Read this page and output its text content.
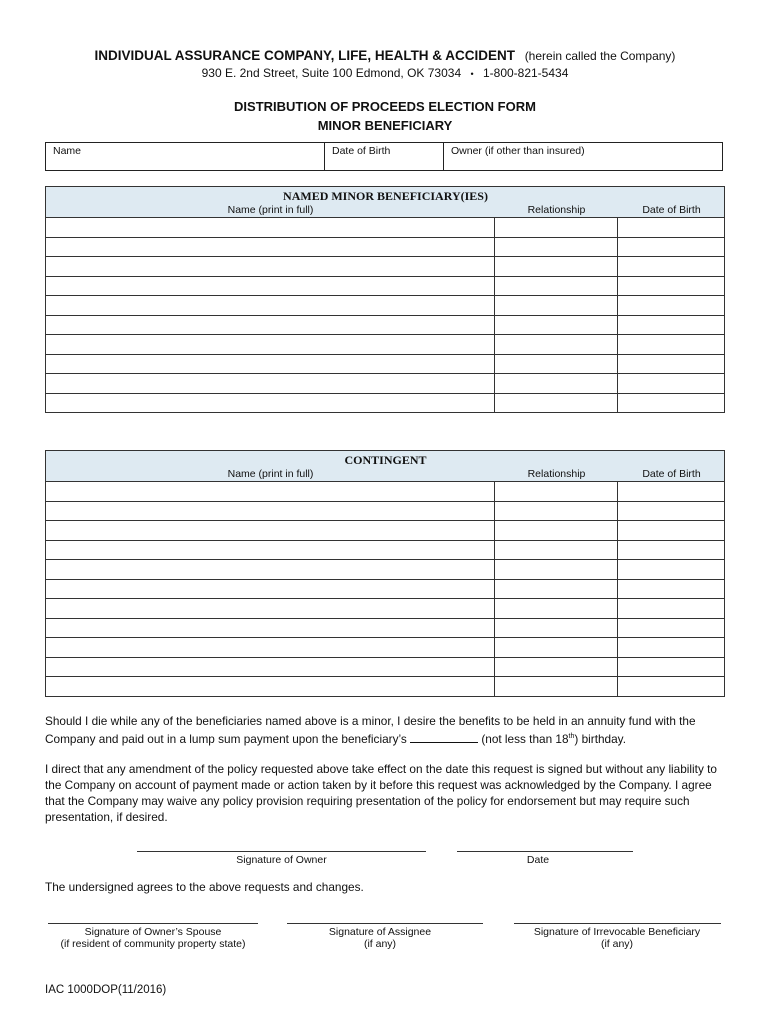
INDIVIDUAL ASSURANCE COMPANY, LIFE, HEALTH & ACCIDENT (herein called the Company)
930 E. 2nd Street, Suite 100 Edmond, OK 73034 • 1-800-821-5434
DISTRIBUTION OF PROCEEDS ELECTION FORM
MINOR BENEFICIARY
Name	Date of Birth	Owner (if other than insured)
NAMED MINOR BENEFICIARY(IES)
Name (print in full) Relationship Date of Birth		

CONTINGENT
Name (print in full) Relationship Date of Birth		

Should I die while any of the beneficiaries named above is a minor, I desire the benefits to be held in an annuity fund with the Company and paid out in a lump sum payment upon the beneficiary’s	(not less than 18th) birthday.
I direct that any amendment of the policy requested above take effect on the date this request is signed but without any liability to the Company on account of payment made or action taken by it before this request was acknowledged by the Company. I agree that the Company may waive any policy provision requiring presentation of the policy for endorsement but may require such presentation, if desired.
Signature of Owner	Date
The undersigned agrees to the above requests and changes.
Signature of Owner’s Spouse
(if resident of community property state)
Signature of Assignee
(if any)
Signature of Irrevocable Beneficiary
(if any)
IAC 1000DOP(11/2016)
